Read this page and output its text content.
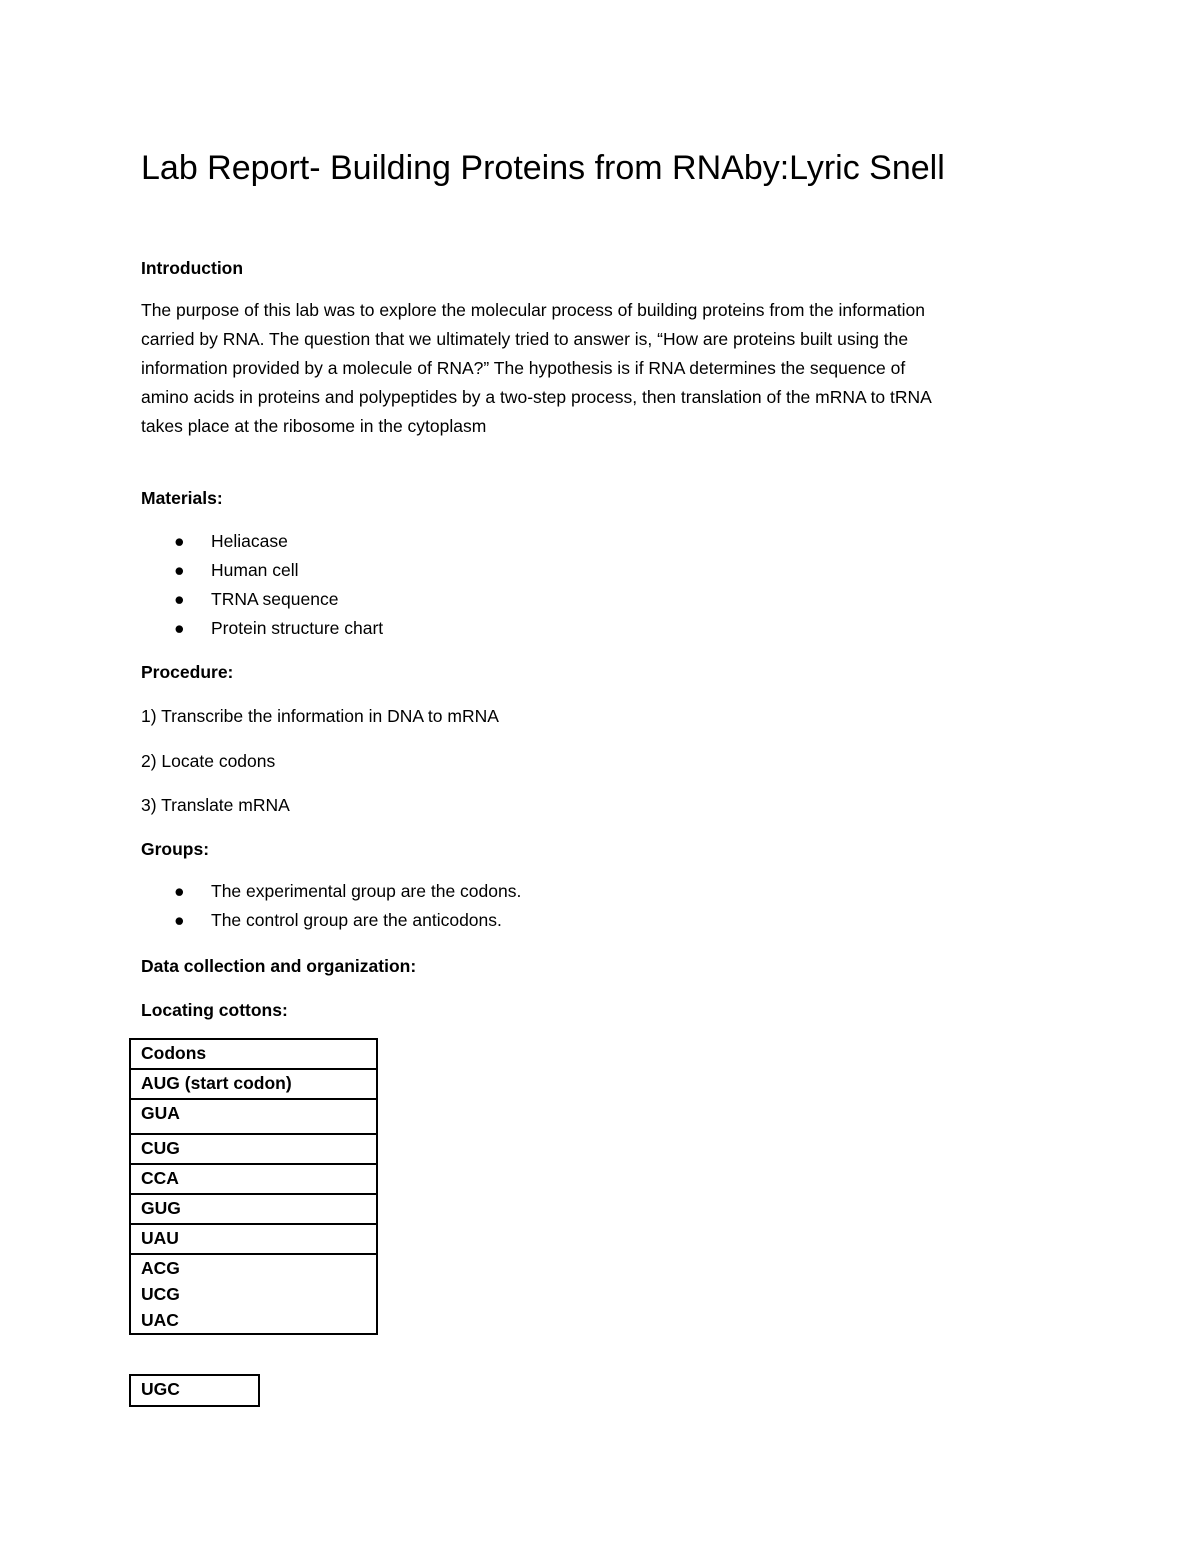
Lab Report- Building Proteins from RNAby:Lyric Snell
Introduction

The purpose of this lab was to explore the molecular process of building proteins from the information

carried by RNA. The question that we ultimately tried to answer is, “How are proteins built using the

information provided by a molecule of RNA?” The hypothesis is if RNA determines the sequence of

amino acids in proteins and polypeptides by a two-step process, then translation of the mRNA to tRNA

takes place at the ribosome in the cytoplasm

Materials:
● Heliacase
● Human cell
● TRNA sequence
● Protein structure chart
Procedure:
1) Transcribe the information in DNA to mRNA
2) Locate codons
3) Translate mRNA
Groups:
● The experimental group are the codons.
● The control group are the anticodons.
Data collection and organization:
Locating cottons:
Codons
AUG (start codon)
GUA
CUG
CCA
GUG
UAU

ACG
UCG
UAC
UGC
